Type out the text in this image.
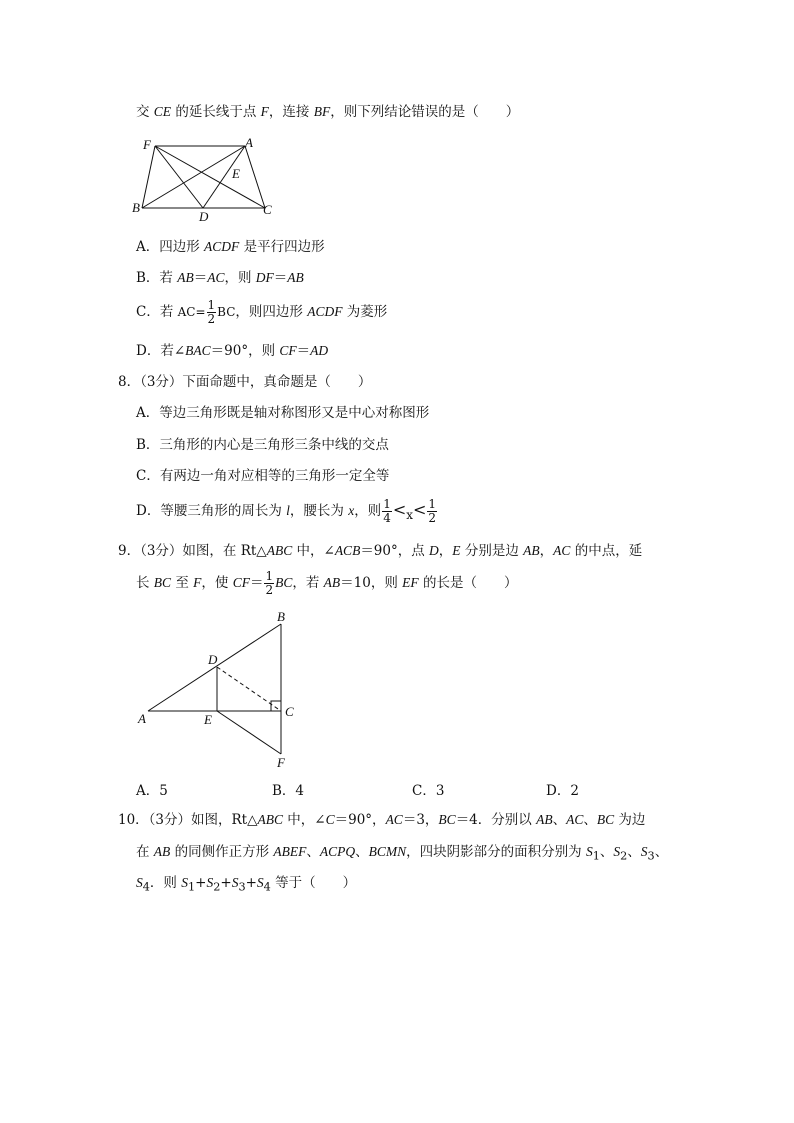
交 CE 的延长线于点 F，连接 BF，则下列结论错误的是（　　）
F	A
E
B
D	C
A．四边形 ACDF 是平行四边形
B．若 AB＝AC，则 DF＝AB
C．若 $AC= \frac{1}{2}$ BC，则四边形 ACDF 为菱形
D．若∠BAC＝90°，则 CF＝AD
8．（3分）下面命题中，真命题是（　　）
A．等边三角形既是轴对称图形又是中心对称图形
B．三角形的内心是三角形三条中线的交点
C．有两边一角对应相等的三角形一定全等
D．等腰三角形的周长为 l，腰长为 x，则 $\frac{1}{4} <x< \frac{1}{2}$
9．（3分）如图，在 Rt△ABC 中，∠ACB＝90°，点 D，E 分别是边 AB，AC 的中点，延
长 BC 至 F，使 $CF= \frac{1}{2}$ BC，若 AB＝10，则 EF 的长是（　　）
B
D
A	E
C
F
A．5	B．4	C．3	D．2
10．（3分）如图，Rt△ABC 中，∠C＝90°，AC＝3，BC＝4．分别以 AB、AC、BC 为边
在 AB 的同侧作正方形 ABEF、ACPQ、BCMN，四块阴影部分的面积分别为 $S_1$、$S_2$、$S_3$、
$S_4$．则 $S_1+S_2+S_3+S_4$ 等于（　　）
